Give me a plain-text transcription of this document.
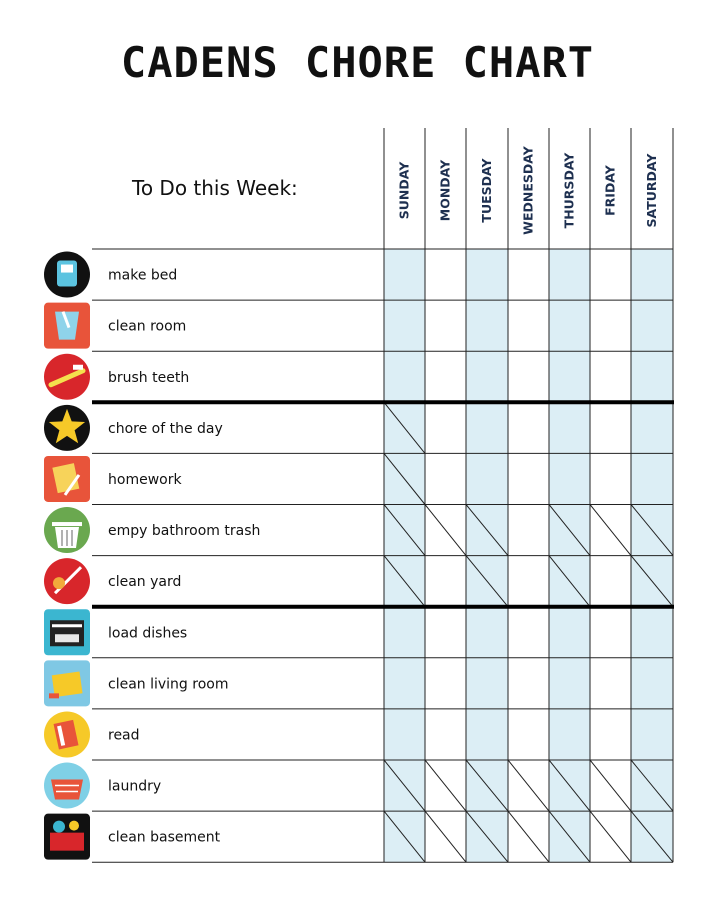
CADENS CHORE CHART
To Do this Week:	SUNDAY MONDAY TUESDAY WEDNESDAY THURSDAY FRIDAY SATURDAY
make bed
clean room
brush teeth
chore of the day
homework
empy bathroom trash
clean yard
load dishes
clean living room
read
laundry
clean basement
